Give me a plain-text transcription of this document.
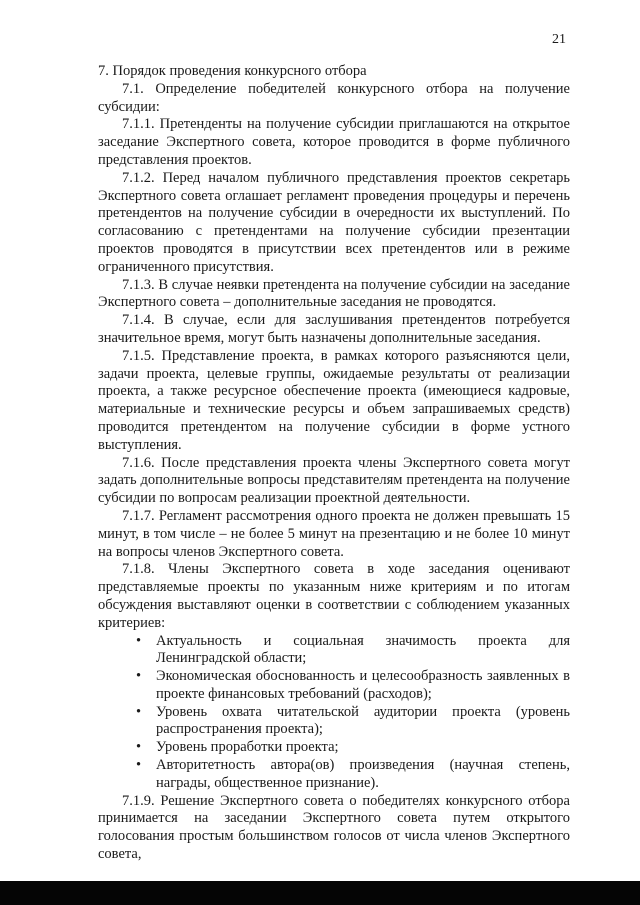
21

7. Порядок проведения конкурсного отбора

7.1. Определение победителей конкурсного отбора на получение субсидии:

7.1.1. Претенденты на получение субсидии приглашаются на открытое заседание Экспертного совета, которое проводится в форме публичного представления проектов.

7.1.2. Перед началом публичного представления проектов секретарь Экспертного совета оглашает регламент проведения процедуры и перечень претендентов на получение субсидии в очередности их выступлений. По согласованию с претендентами на получение субсидии презентации проектов проводятся в присутствии всех претендентов или в режиме ограниченного присутствия.

7.1.3. В случае неявки претендента на получение субсидии на заседание Экспертного совета – дополнительные заседания не проводятся.

7.1.4. В случае, если для заслушивания претендентов потребуется значительное время, могут быть назначены дополнительные заседания.

7.1.5. Представление проекта, в рамках которого разъясняются цели, задачи проекта, целевые группы, ожидаемые результаты от реализации проекта, а также ресурсное обеспечение проекта (имеющиеся кадровые, материальные и технические ресурсы и объем запрашиваемых средств) проводится претендентом на получение субсидии в форме устного выступления.

7.1.6. После представления проекта члены Экспертного совета могут задать дополнительные вопросы представителям претендента на получение субсидии по вопросам реализации проектной деятельности.

7.1.7. Регламент рассмотрения одного проекта не должен превышать 15 минут, в том числе – не более 5 минут на презентацию и не более 10 минут на вопросы членов Экспертного совета.

7.1.8. Члены Экспертного совета в ходе заседания оценивают представляемые проекты по указанным ниже критериям и по итогам обсуждения выставляют оценки в соответствии с соблюдением указанных критериев:

•	Актуальность и социальная значимость проекта для Ленинградской области;
•	Экономическая обоснованность и целесообразность заявленных в проекте финансовых требований (расходов);
•	Уровень охвата читательской аудитории проекта (уровень распространения проекта);
•	Уровень проработки проекта;
•	Авторитетность автора(ов) произведения (научная степень, награды, общественное признание).

7.1.9. Решение Экспертного совета о победителях конкурсного отбора принимается на заседании Экспертного совета путем открытого голосования простым большинством голосов от числа членов Экспертного совета,
